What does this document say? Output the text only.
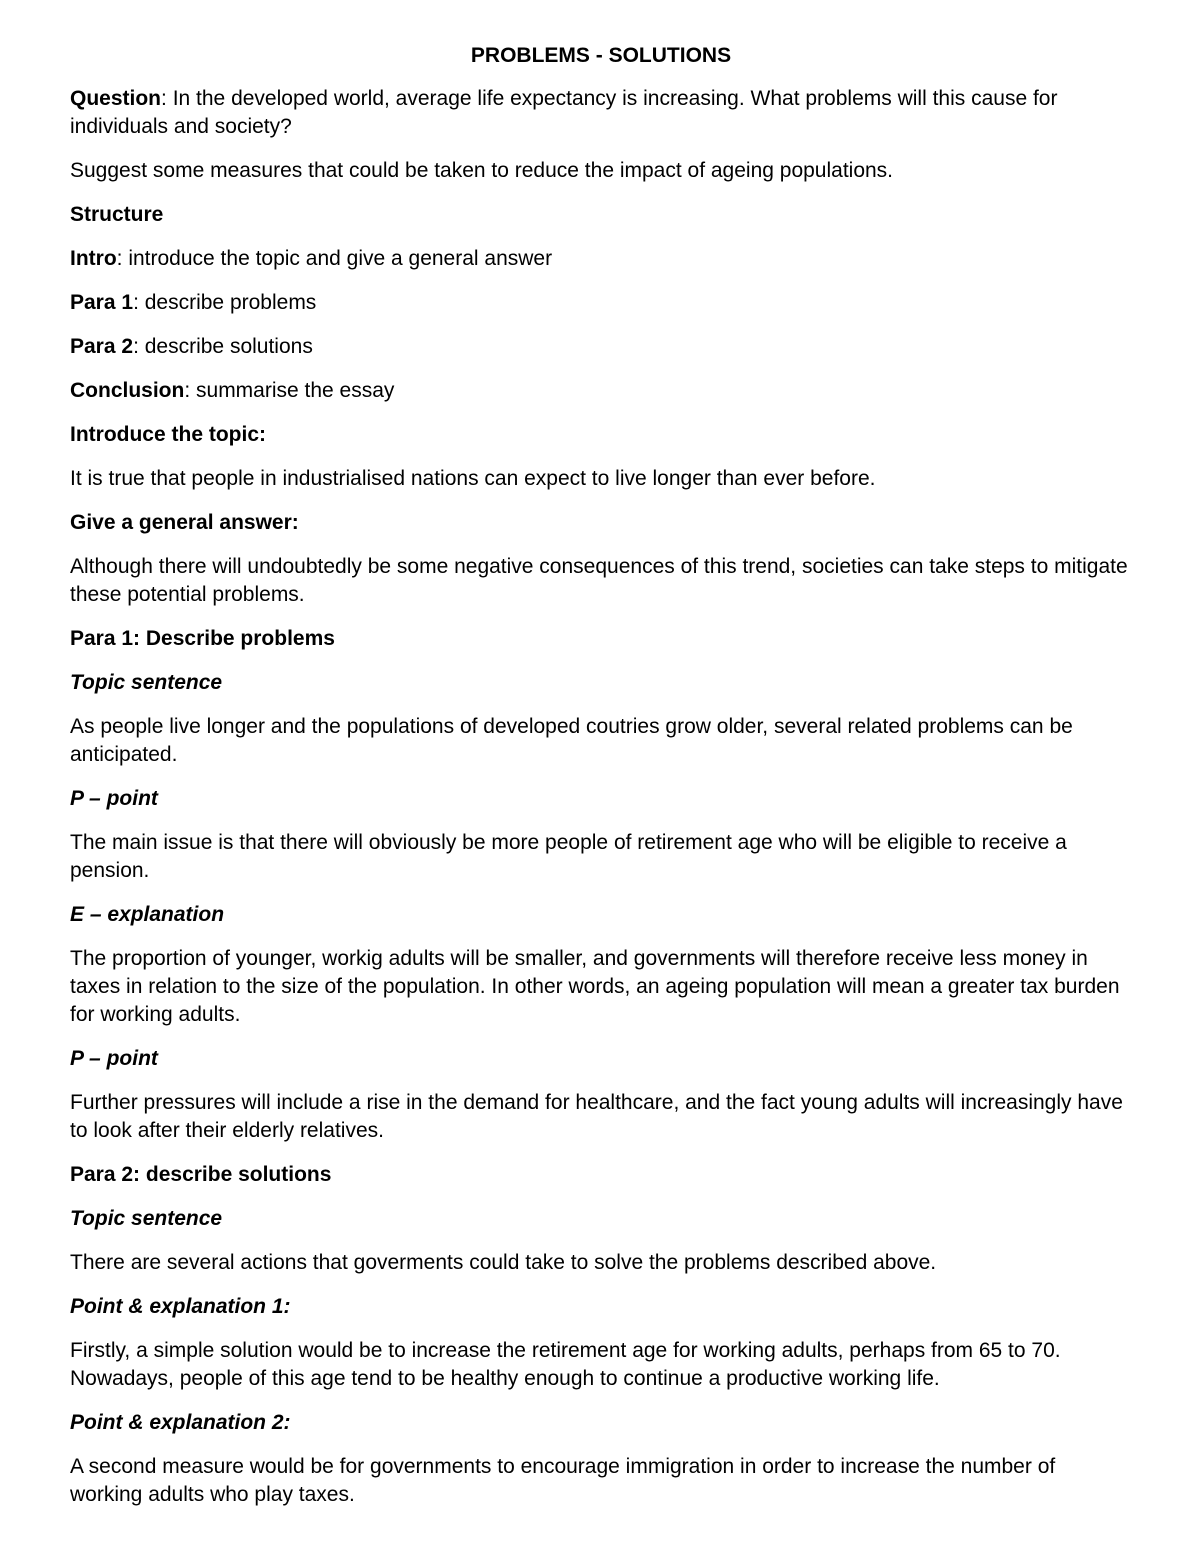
PROBLEMS - SOLUTIONS
Question: In the developed world, average life expectancy is increasing. What problems will this cause for individuals and society?
Suggest some measures that could be taken to reduce the impact of ageing populations.
Structure
Intro: introduce the topic and give a general answer
Para 1: describe problems
Para 2: describe solutions
Conclusion: summarise the essay
Introduce the topic:
It is true that people in industrialised nations can expect to live longer than ever before.
Give a general answer:
Although there will undoubtedly be some negative consequences of this trend, societies can take steps to mitigate these potential problems.
Para 1: Describe problems
Topic sentence
As people live longer and the populations of developed coutries grow older, several related problems can be anticipated.
P – point
The main issue is that there will obviously be more people of retirement age who will be eligible to receive a pension.
E – explanation
The proportion of younger, workig adults will be smaller, and governments will therefore receive less money in taxes in relation to the size of the population. In other words, an ageing population will mean a greater tax burden for working adults.
P – point
Further pressures will include a rise in the demand for healthcare, and the fact young adults will increasingly have to look after their elderly relatives.
Para 2: describe solutions
Topic sentence
There are several actions that goverments could take to solve the problems described above.
Point & explanation 1:
Firstly, a simple solution would be to increase the retirement age for working adults, perhaps from 65 to 70. Nowadays, people of this age tend to be healthy enough to continue a productive working life.
Point & explanation 2:
A second measure would be for governments to encourage immigration in order to increase the number of working adults who play taxes.
